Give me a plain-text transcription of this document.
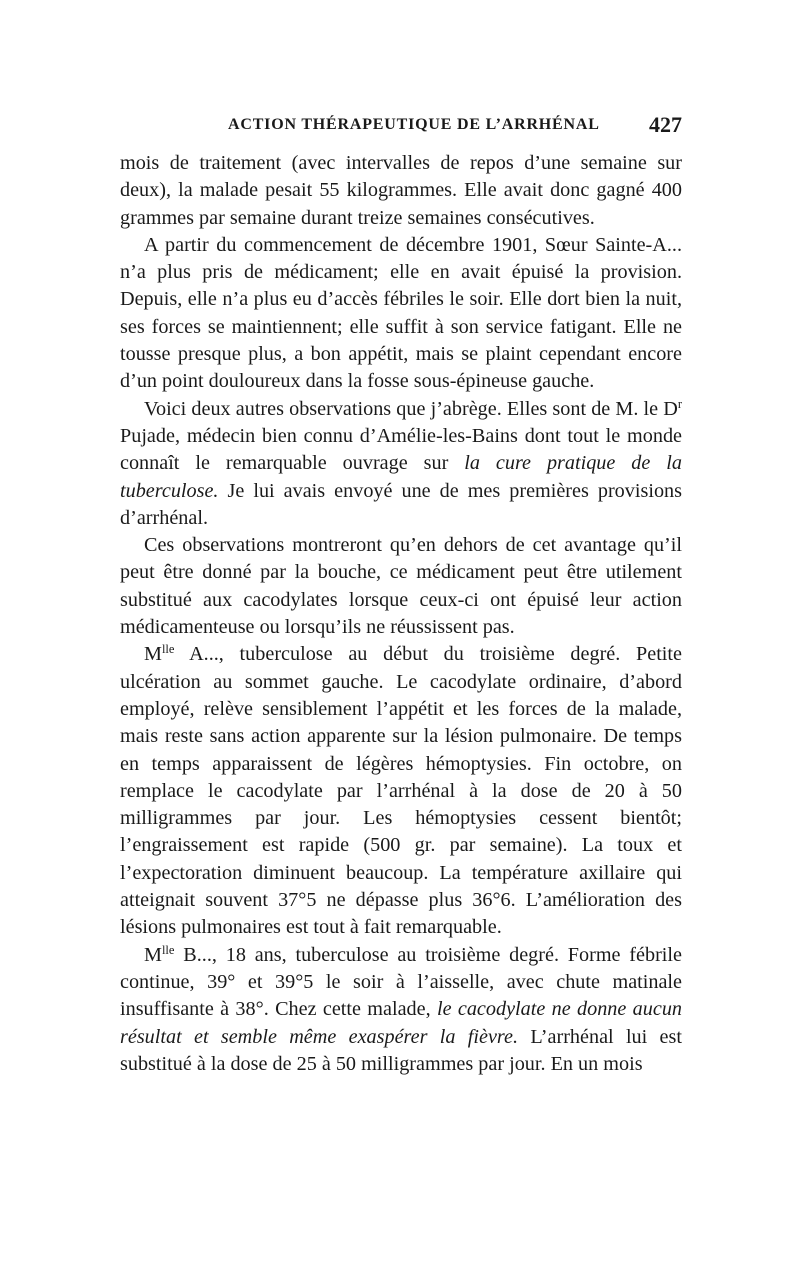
ACTION THÉRAPEUTIQUE DE L’ARRHÉNAL 427

mois de traitement (avec intervalles de repos d’une semaine sur deux), la malade pesait 55 kilogrammes. Elle avait donc gagné 400 grammes par semaine durant treize semaines consécutives.

A partir du commencement de décembre 1901, Sœur Sainte-A... n’a plus pris de médicament; elle en avait épuisé la provision. Depuis, elle n’a plus eu d’accès fébriles le soir. Elle dort bien la nuit, ses forces se maintiennent; elle suffit à son service fatigant. Elle ne tousse presque plus, a bon appétit, mais se plaint cependant encore d’un point douloureux dans la fosse sous-épineuse gauche.

Voici deux autres observations que j’abrège. Elles sont de M. le $D^r$ Pujade, médecin bien connu d’Amélie-les-Bains dont tout le monde connaît le remarquable ouvrage sur la cure pratique de la tuberculose. Je lui avais envoyé une de mes premières provisions d’arrhénal.

Ces observations montreront qu’en dehors de cet avantage qu’il peut être donné par la bouche, ce médicament peut être utilement substitué aux cacodylates lorsque ceux-ci ont épuisé leur action médicamenteuse ou lorsqu’ils ne réussissent pas.

$M^{lle}$ A..., tuberculose au début du troisième degré. Petite ulcération au sommet gauche. Le cacodylate ordinaire, d’abord employé, relève sensiblement l’appétit et les forces de la malade, mais reste sans action apparente sur la lésion pulmonaire. De temps en temps apparaissent de légères hémoptysies. Fin octobre, on remplace le cacodylate par l’arrhénal à la dose de 20 à 50 milligrammes par jour. Les hémoptysies cessent bientôt; l’engraissement est rapide (500 gr. par semaine). La toux et l’expectoration diminuent beaucoup. La température axillaire qui atteignait souvent 37°5 ne dépasse plus 36°6. L’amélioration des lésions pulmonaires est tout à fait remarquable.

$M^{lle}$ B..., 18 ans, tuberculose au troisième degré. Forme fébrile continue, 39° et 39°5 le soir à l’aisselle, avec chute matinale insuffisante à 38°. Chez cette malade, le cacodylate ne donne aucun résultat et semble même exaspérer la fièvre. L’arrhénal lui est substitué à la dose de 25 à 50 milligrammes par jour. En un mois
